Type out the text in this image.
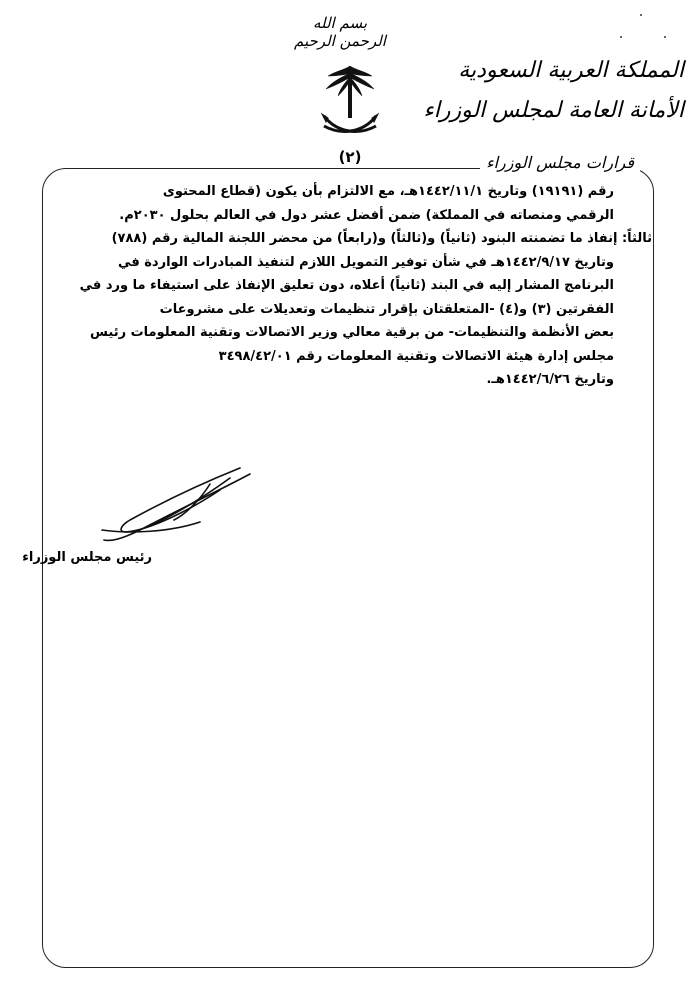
بسم الله الرحمن الرحيم
المملكة العربية السعودية
الأمانة العامة لمجلس الوزراء
(٢)	قرارات مجلس الوزراء
رقم (١٩١٩١) وتاريخ ١٤٤٢/١١/١هـ، مع الالتزام بأن يكون (قطاع المحتوى
الرقمي ومنصاته في المملكة) ضمن أفضل عشر دول في العالم بحلول ٢٠٣٠م.
ثالثاً: إنفاذ ما تضمنته البنود (ثانياً) و(ثالثاً) و(رابعاً) من محضر اللجنة المالية رقم (٧٨٨)
وتاريخ ١٤٤٢/٩/١٧هـ في شأن توفير التمويل اللازم لتنفيذ المبادرات الواردة في
البرنامج المشار إليه في البند (ثانياً) أعلاه، دون تعليق الإنفاذ على استيفاء ما ورد في
الفقرتين (٣) و(٤) -المتعلقتان بإقرار تنظيمات وتعديلات على مشروعات
بعض الأنظمة والتنظيمات- من برقية معالي وزير الاتصالات وتقنية المعلومات رئيس
مجلس إدارة هيئة الاتصالات وتقنية المعلومات رقم ٣٤٩٨/٤٢/٠١
وتاريخ ١٤٤٢/٦/٢٦هـ.
رئيس مجلس الوزراء
